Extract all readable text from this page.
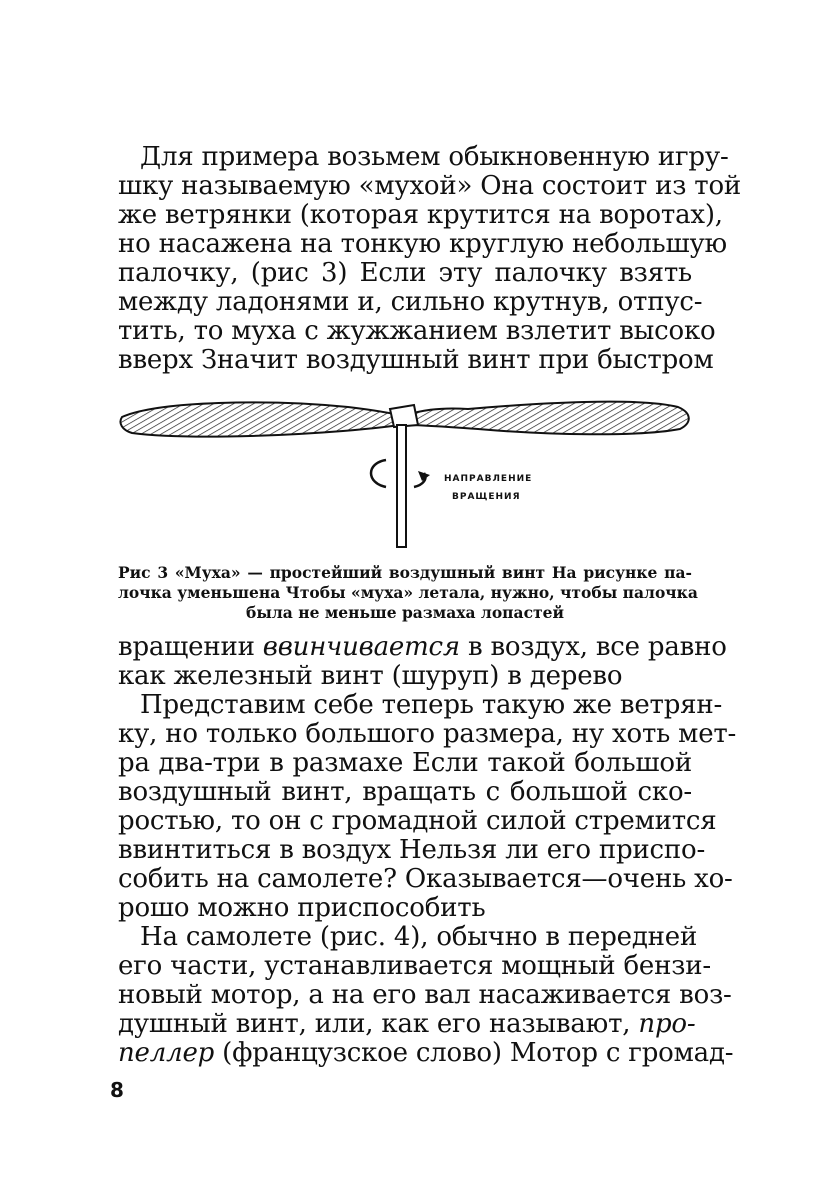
Для примера возьмем обыкновенную игру-
шку называемую «мухой» Она состоит из той
же ветрянки (которая крутится на воротах),
но насажена на тонкую круглую небольшую
палочку, (рис 3) Если эту палочку взять
между ладонями и, сильно крутнув, отпус-
тить, то муха с жужжанием взлетит высоко
вверх Значит воздушный винт при быстром
НАПРАВЛЕНИЕ
ВРАЩЕНИЯ
Рис 3 «Муха» — простейший воздушный винт На рисунке па-
лочка уменьшена Чтобы «муха» летала, нужно, чтобы палочка
была не меньше размаха лопастей
вращении ввинчивается в воздух, все равно
как железный винт (шуруп) в дерево
Представим себе теперь такую же ветрян-
ку, но только большого размера, ну хоть мет-
ра два-три в размахе Если такой большой
воздушный винт, вращать с большой ско-
ростью, то он с громадной силой стремится
ввинтиться в воздух Нельзя ли его приспо-
собить на самолете? Оказывается—очень хо-
рошо можно приспособить
На самолете (рис. 4), обычно в передней
его части, устанавливается мощный бензи-
новый мотор, а на его вал насаживается воз-
душный винт, или, как его называют, про-
пеллер (французское слово) Мотор с громад-
8
